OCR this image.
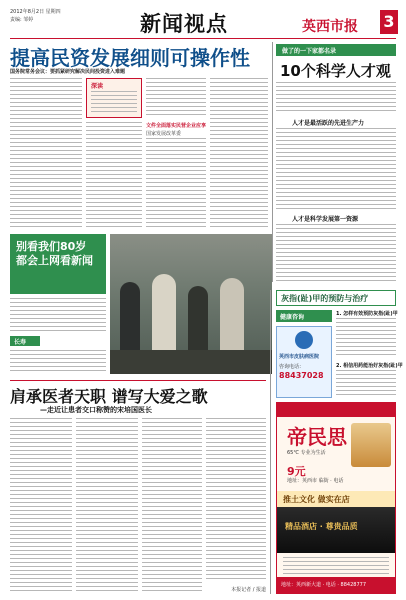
2012年8月2日 星期四
责编: 邹婷	新闻视点	英西市报 3
提高民资发展细则可操作性
国务院常务会议：要抓紧研究解决民间投资进入难题
深读
文件全面落实民营企业应享
国家发展改革委
做了的一下家都名录
10个科学人才观
人才是最活跃的先进生产力
人才是科学发展第一资源
别看我们80岁 都会上网看新闻
长寿
肩承医者天职 谱写大爱之歌
—走近让患者交口称赞的宋培国医长
本报记者 / 报道
灰指(趾)甲的预防与治疗
健康咨询	1. 怎样有效预防灰指(趾)甲
2. 相信用药能治好灰指(趾)甲
英西市皮肤病医院
咨询电话：
88437028
帝民思
65℃ 专业为生活
9元
地址：英西市 临街 · 电话
推土文化 做实在店
精品酒店 · 尊贵品质
地址：英西新大道 · 电话 · 88428777
